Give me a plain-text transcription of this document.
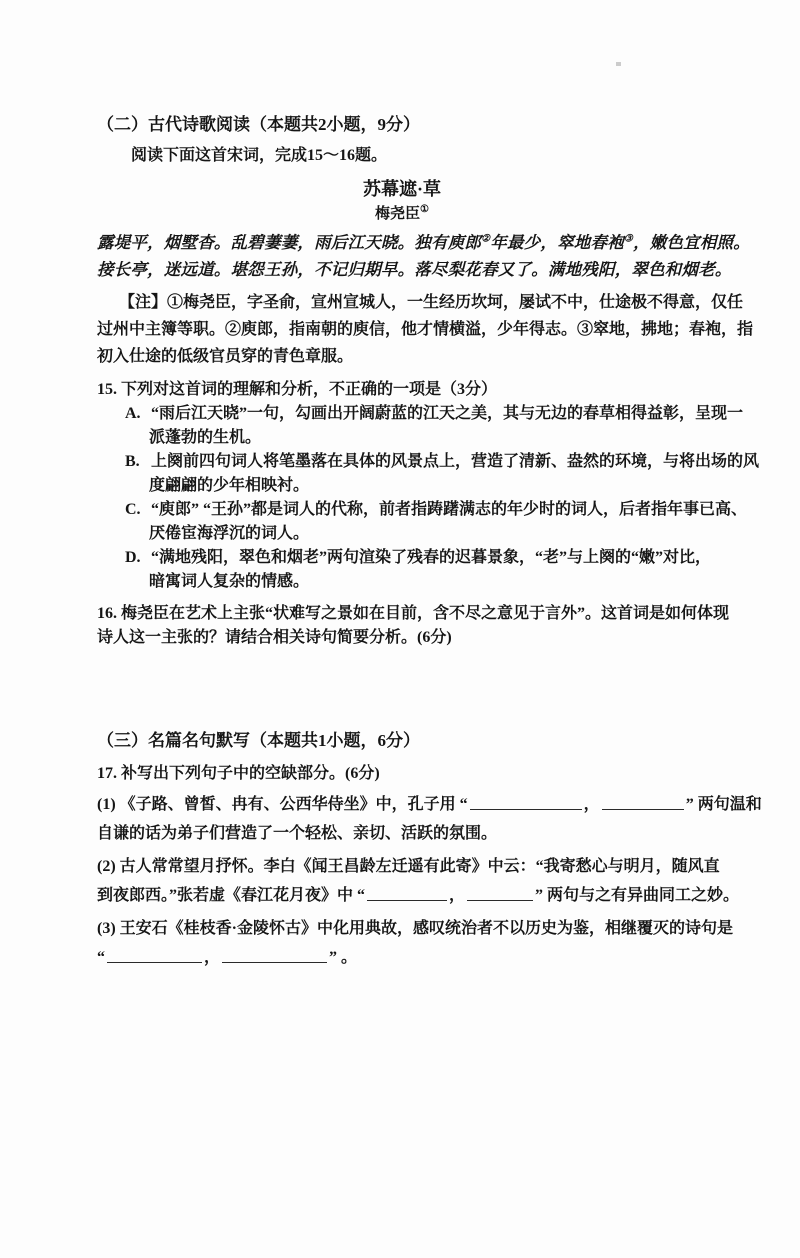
（二）古代诗歌阅读（本题共2小题，9分）
阅读下面这首宋词，完成15～16题。
苏幕遮·草
梅尧臣①
露堤平，烟墅杳。乱碧萋萋，雨后江天晓。独有庾郎②年最少，窣地春袍③，嫩色宜相照。
接长亭，迷远道。堪怨王孙，不记归期早。落尽梨花春又了。满地残阳，翠色和烟老。
【注】①梅尧臣，字圣俞，宣州宣城人，一生经历坎坷，屡试不中，仕途极不得意，仅任
过州中主簿等职。②庾郎，指南朝的庾信，他才情横溢，少年得志。③窣地，拂地；春袍，指
初入仕途的低级官员穿的青色章服。
15. 下列对这首词的理解和分析，不正确的一项是（3分）
A. “雨后江天晓”一句，勾画出开阔蔚蓝的江天之美，其与无边的春草相得益彰，呈现一
派蓬勃的生机。
B. 上阕前四句词人将笔墨落在具体的风景点上，营造了清新、盎然的环境，与将出场的风
度翩翩的少年相映衬。
C. “庾郎” “王孙”都是词人的代称，前者指踌躇满志的年少时的词人，后者指年事已高、
厌倦宦海浮沉的词人。
D. “满地残阳，翠色和烟老”两句渲染了残春的迟暮景象，“老”与上阕的“嫩”对比，
暗寓词人复杂的情感。
16. 梅尧臣在艺术上主张“状难写之景如在目前，含不尽之意见于言外”。这首词是如何体现
诗人这一主张的？请结合相关诗句简要分析。(6分)
（三）名篇名句默写（本题共1小题，6分）
17. 补写出下列句子中的空缺部分。(6分)
(1) 《子路、曾皙、冉有、公西华侍坐》中，孔子用 “	，	” 两句温和
自谦的话为弟子们营造了一个轻松、亲切、活跃的氛围。
(2) 古人常常望月抒怀。李白《闻王昌龄左迁遥有此寄》中云：“我寄愁心与明月，随风直
到夜郎西。”张若虚《春江花月夜》中 “	，	” 两句与之有异曲同工之妙。
(3) 王安石《桂枝香·金陵怀古》中化用典故，感叹统治者不以历史为鉴，相继覆灭的诗句是
“	，	” 。
